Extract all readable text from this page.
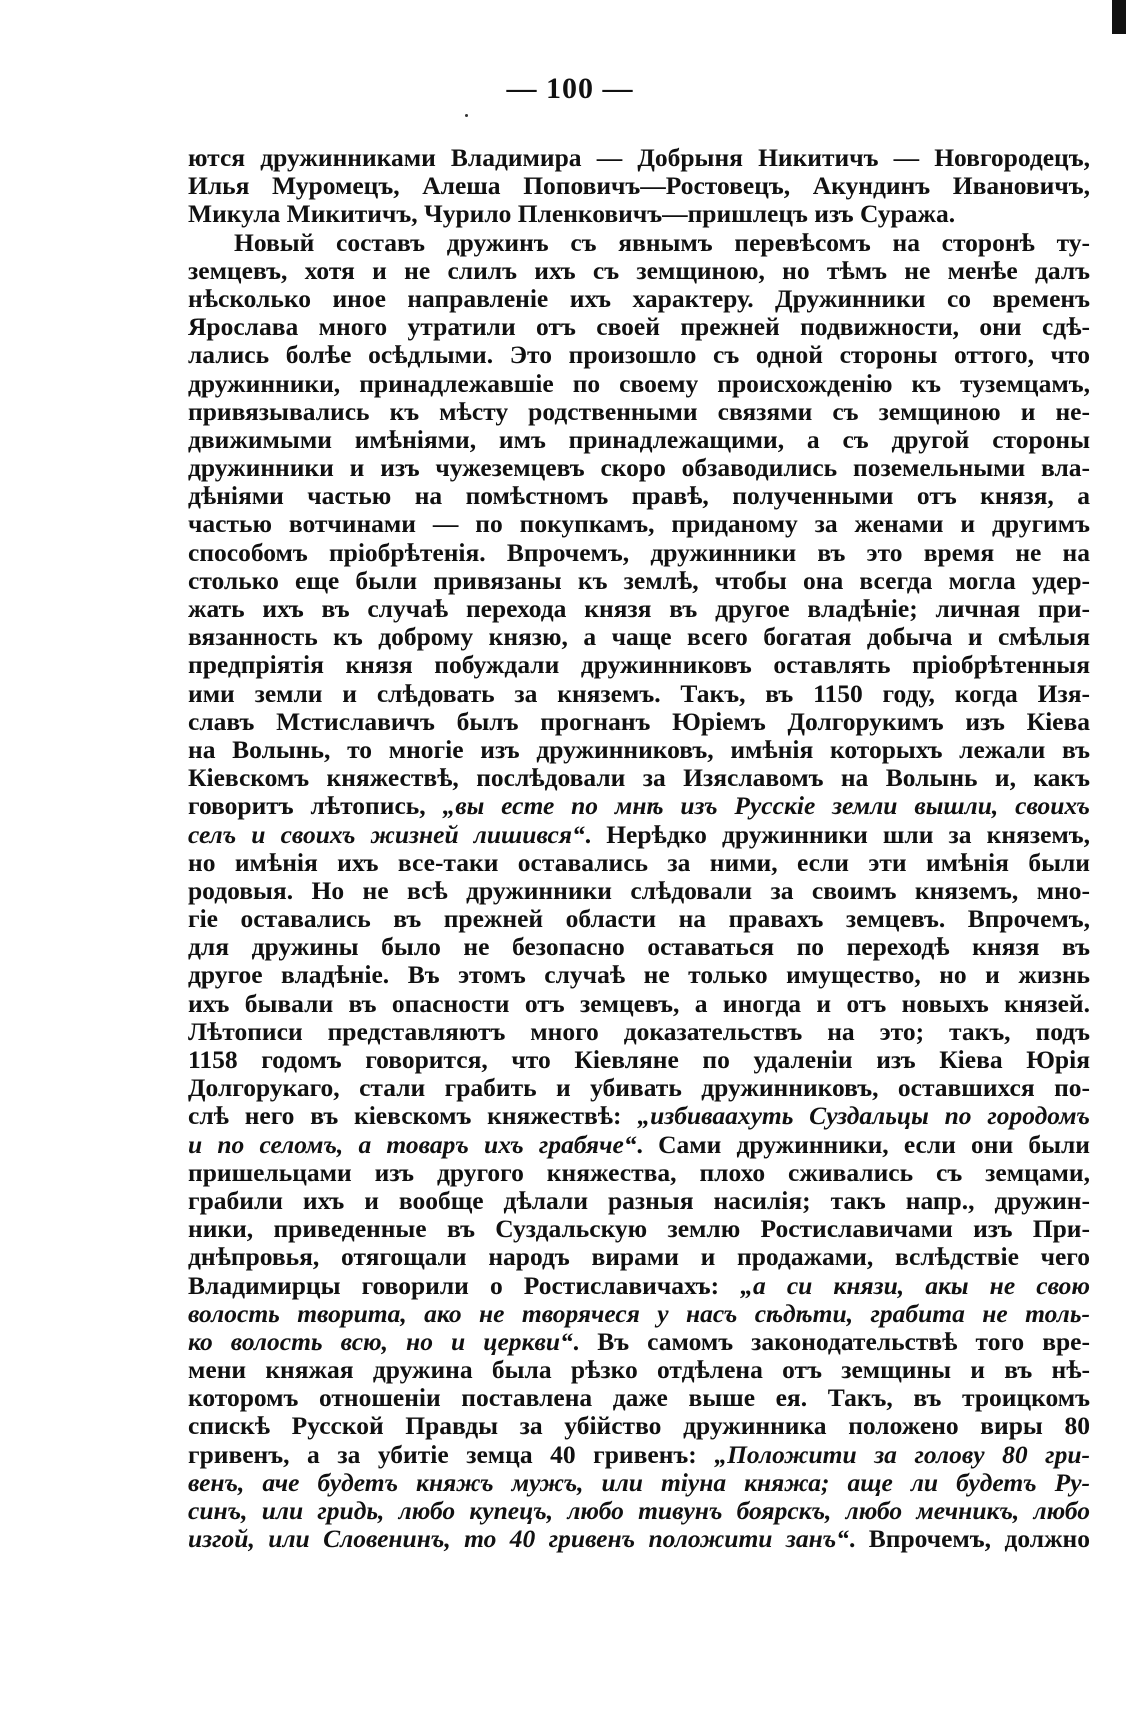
— 100 —
ются дружинниками Владимира — Добрыня Никитичъ — Новгородецъ,
Илья Муромецъ, Алеша Поповичъ—Ростовецъ, Акундинъ Ивановичъ,
Микула Микитичъ, Чурило Пленковичъ—пришлецъ изъ Суража.
Новый составъ дружинъ съ явнымъ перевѣсомъ на сторонѣ ту-
земцевъ, хотя и не слилъ ихъ съ земщиною, но тѣмъ не менѣе далъ
нѣсколько иное направленіе ихъ характеру. Дружинники со временъ
Ярослава много утратили отъ своей прежней подвижности, они сдѣ-
лались болѣе осѣдлыми. Это произошло съ одной стороны оттого, что
дружинники, принадлежавшіе по своему происхожденію къ туземцамъ,
привязывались къ мѣсту родственными связями съ земщиною и не-
движимыми имѣніями, имъ принадлежащими, а съ другой стороны
дружинники и изъ чужеземцевъ скоро обзаводились поземельными вла-
дѣніями частью на помѣстномъ правѣ, полученными отъ князя, а
частью вотчинами — по покупкамъ, приданому за женами и другимъ
способомъ пріобрѣтенія. Впрочемъ, дружинники въ это время не на
столько еще были привязаны къ землѣ, чтобы она всегда могла удер-
жать ихъ въ случаѣ перехода князя въ другое владѣніе; личная при-
вязанность къ доброму князю, а чаще всего богатая добыча и смѣлыя
предпріятія князя побуждали дружинниковъ оставлять пріобрѣтенныя
ими земли и слѣдовать за княземъ. Такъ, въ 1150 году, когда Изя-
славъ Мстиславичъ былъ прогнанъ Юріемъ Долгорукимъ изъ Кіева
на Волынь, то многіе изъ дружинниковъ, имѣнія которыхъ лежали въ
Кіевскомъ княжествѣ, послѣдовали за Изяславомъ на Волынь и, какъ
говоритъ лѣтопись, „вы есте по мнѣ изъ Русскіе земли вышли, своихъ
селъ и своихъ жизней лишився“. Нерѣдко дружинники шли за княземъ,
но имѣнія ихъ все-таки оставались за ними, если эти имѣнія были
родовыя. Но не всѣ дружинники слѣдовали за своимъ княземъ, мно-
гіе оставались въ прежней области на правахъ земцевъ. Впрочемъ,
для дружины было не безопасно оставаться по переходѣ князя въ
другое владѣніе. Въ этомъ случаѣ не только имущество, но и жизнь
ихъ бывали въ опасности отъ земцевъ, а иногда и отъ новыхъ князей.
Лѣтописи представляютъ много доказательствъ на это; такъ, подъ
1158 годомъ говорится, что Кіевляне по удаленіи изъ Кіева Юрія
Долгорукаго, стали грабить и убивать дружинниковъ, оставшихся по-
слѣ него въ кіевскомъ княжествѣ: „избиваахуть Суздальцы по городомъ
и по селомъ, а товаръ ихъ грабяче“. Сами дружинники, если они были
пришельцами изъ другого княжества, плохо сживались съ земцами,
грабили ихъ и вообще дѣлали разныя насилія; такъ напр., дружин-
ники, приведенные въ Суздальскую землю Ростиславичами изъ При-
днѣпровья, отягощали народъ вирами и продажами, вслѣдствіе чего
Владимирцы говорили о Ростиславичахъ: „а си князи, акы не свою
волость творита, ако не творячеся у насъ сѣдѣти, грабита не толь-
ко волость всю, но и церкви“. Въ самомъ законодательствѣ того вре-
мени княжая дружина была рѣзко отдѣлена отъ земщины и въ нѣ-
которомъ отношеніи поставлена даже выше ея. Такъ, въ троицкомъ
спискѣ Русской Правды за убійство дружинника положено виры 80
гривенъ, а за убитіе земца 40 гривенъ: „Положити за голову 80 гри-
венъ, аче будетъ княжъ мужъ, или тіуна княжа; аще ли будетъ Ру-
синъ, или гридь, любо купецъ, любо тивунъ боярскъ, любо мечникъ, любо
изгой, или Словенинъ, то 40 гривенъ положити занъ“. Впрочемъ, должно
